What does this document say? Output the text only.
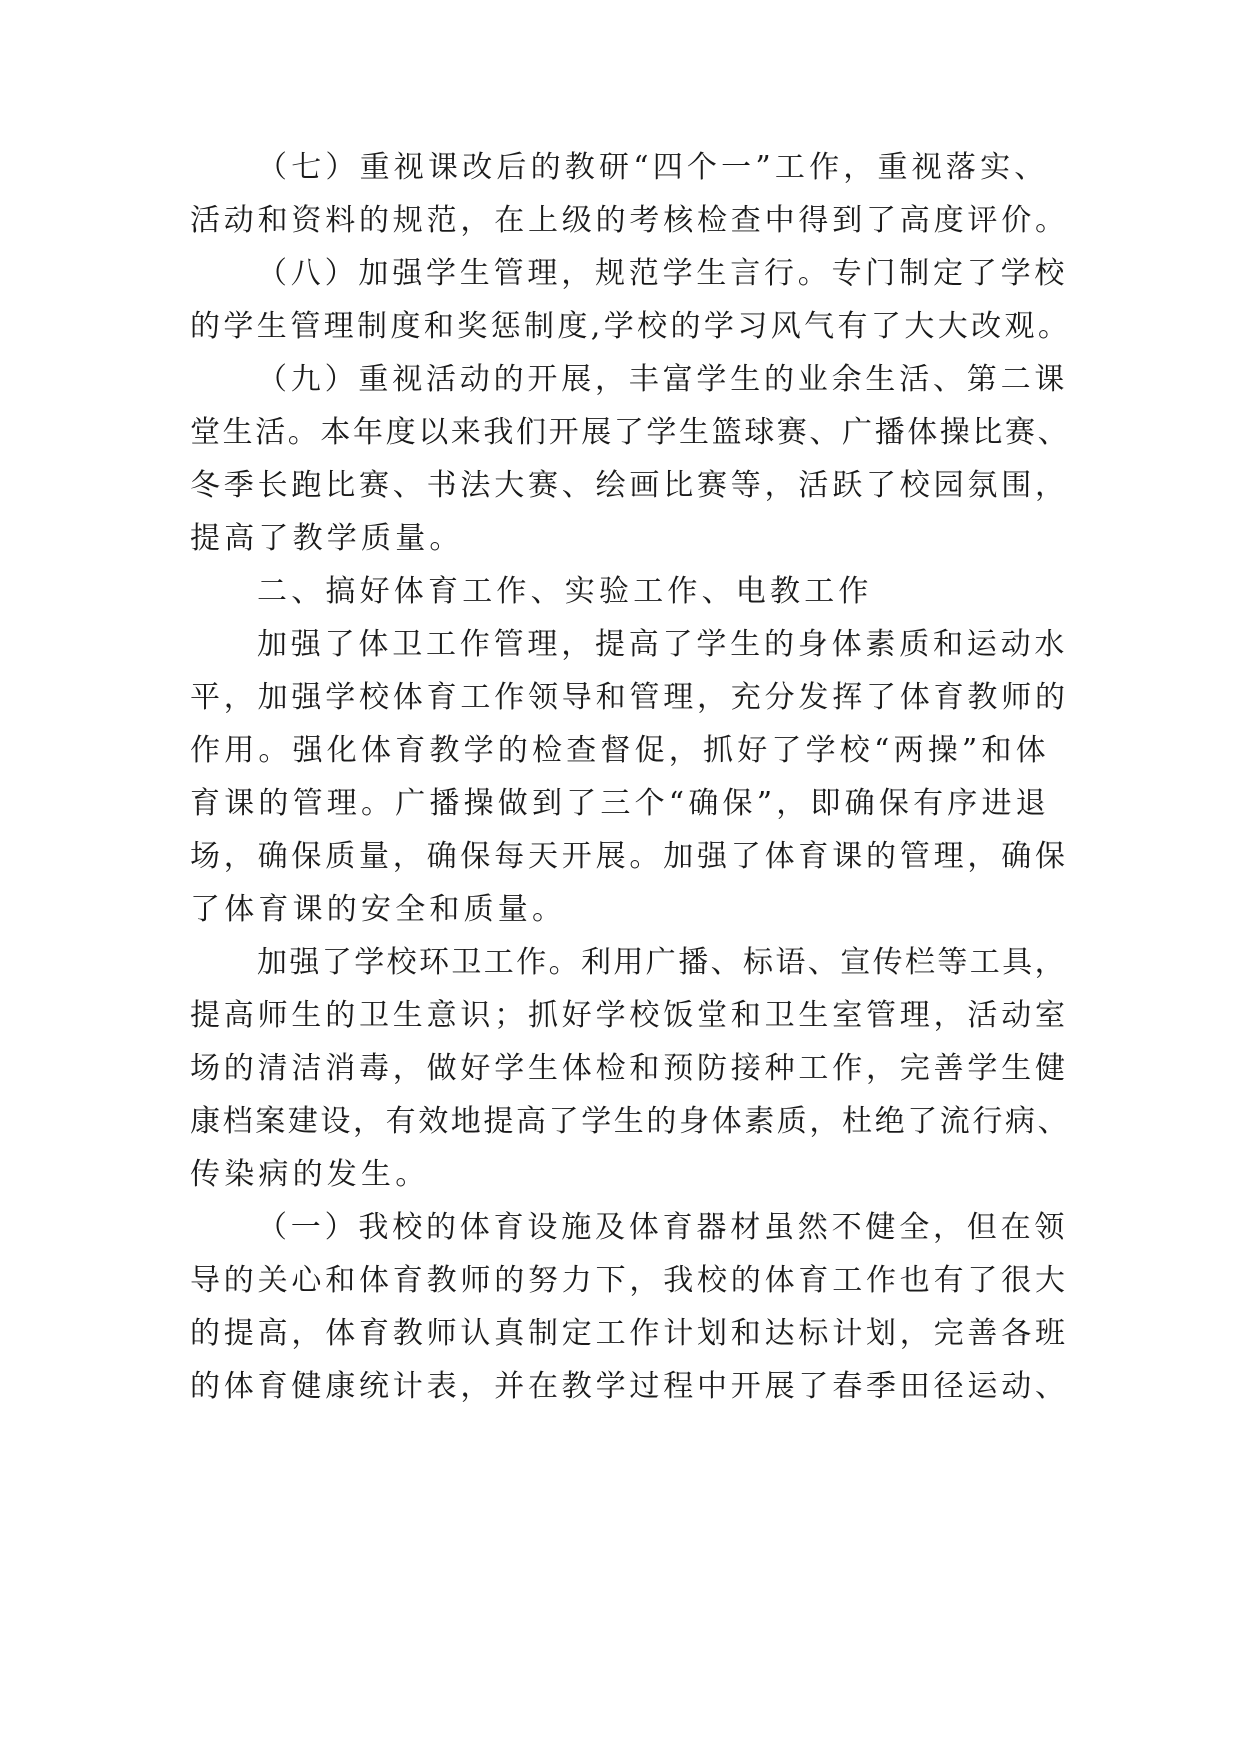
（七）重视课改后的教研“四个一”工作，重视落实、
活动和资料的规范，在上级的考核检查中得到了高度评价。
（八）加强学生管理，规范学生言行。专门制定了学校
的学生管理制度和奖惩制度,学校的学习风气有了大大改观。
（九）重视活动的开展，丰富学生的业余生活、第二课
堂生活。本年度以来我们开展了学生篮球赛、广播体操比赛、
冬季长跑比赛、书法大赛、绘画比赛等，活跃了校园氛围，
提高了教学质量。
二、搞好体育工作、实验工作、电教工作
加强了体卫工作管理，提高了学生的身体素质和运动水
平，加强学校体育工作领导和管理，充分发挥了体育教师的
作用。强化体育教学的检查督促，抓好了学校“两操”和体
育课的管理。广播操做到了三个“确保”，即确保有序进退
场，确保质量，确保每天开展。加强了体育课的管理，确保
了体育课的安全和质量。
加强了学校环卫工作。利用广播、标语、宣传栏等工具，
提高师生的卫生意识；抓好学校饭堂和卫生室管理，活动室
场的清洁消毒，做好学生体检和预防接种工作，完善学生健
康档案建设，有效地提高了学生的身体素质，杜绝了流行病、
传染病的发生。
（一）我校的体育设施及体育器材虽然不健全，但在领
导的关心和体育教师的努力下，我校的体育工作也有了很大
的提高，体育教师认真制定工作计划和达标计划，完善各班
的体育健康统计表，并在教学过程中开展了春季田径运动、
